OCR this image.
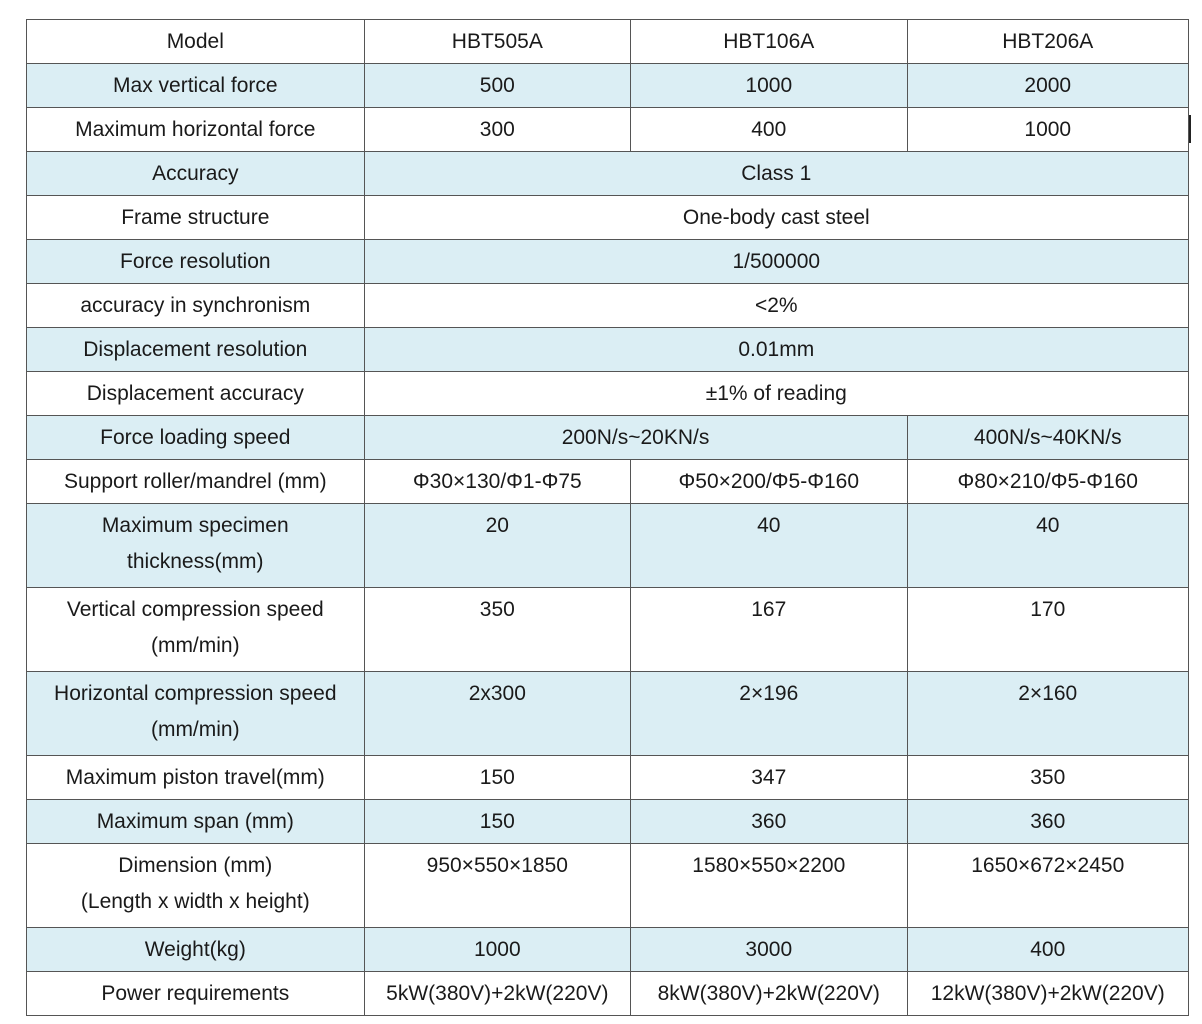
Model	HBT505A	HBT106A	HBT206A

Max vertical force	500	1000	2000

Maximum horizontal force	300	400	1000

Accuracy	Class 1		

Frame structure	One-body cast steel		

Force resolution	1/500000		

accuracy in synchronism	<2%		

Displacement resolution	0.01mm		

Displacement accuracy	±1% of reading		

Force loading speed	200N/s~20KN/s		400N/s~40KN/s

Support roller/mandrel (mm)	Φ30×130/Φ1-Φ75	Φ50×200/Φ5-Φ160	Φ80×210/Φ5-Φ160

Maximum specimen
thickness(mm)	20	40	40

Vertical compression speed
(mm/min)	350	167	170

Horizontal compression speed
(mm/min)	2x300	2×196	2×160

Maximum piston travel(mm)	150	347	350

Maximum span (mm)	150	360	360

Dimension (mm)
(Length x width x height)	950×550×1850	1580×550×2200	1650×672×2450

Weight(kg)	1000	3000	400

Power requirements	5kW(380V)+2kW(220V)	8kW(380V)+2kW(220V)	12kW(380V)+2kW(220V)
